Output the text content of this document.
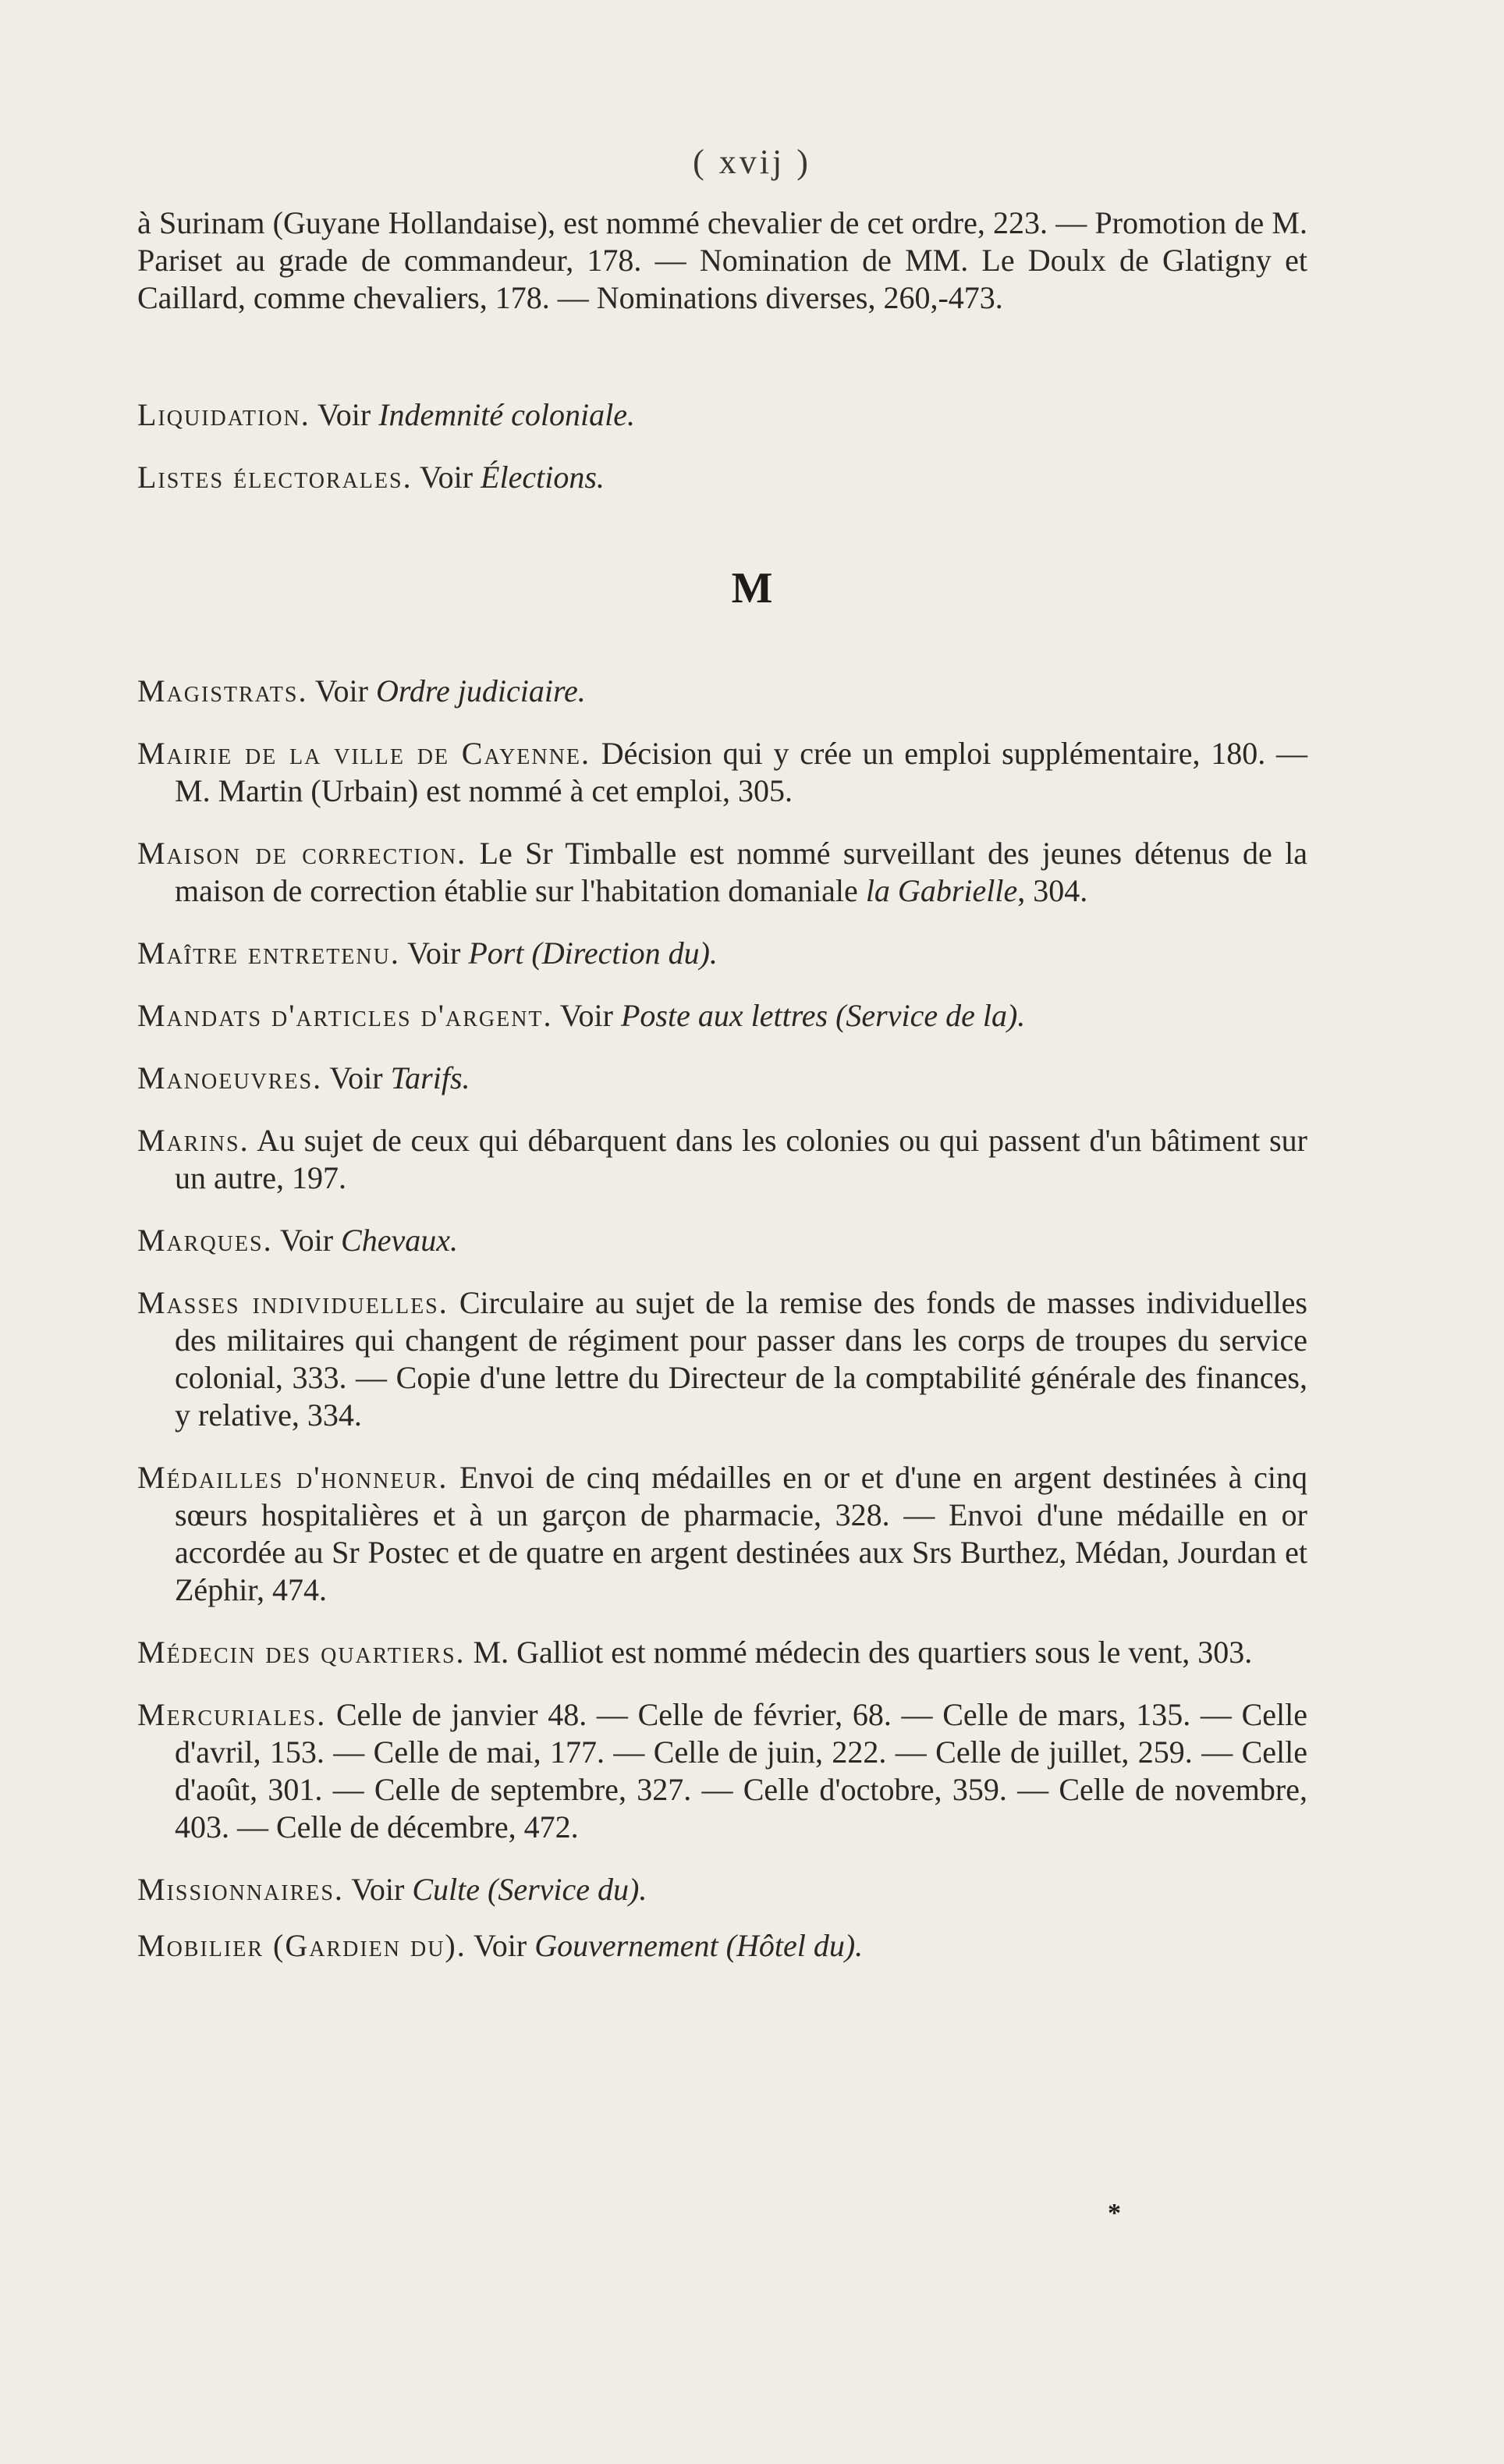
( xvij )

à Surinam (Guyane Hollandaise), est nommé chevalier de cet ordre, 223. — Promotion de M. Pariset au grade de commandeur, 178. — Nomination de MM. Le Doulx de Glatigny et Caillard, comme chevaliers, 178. — Nominations diverses, 260,-473.

Liquidation. Voir Indemnité coloniale.

Listes électorales. Voir Élections.

M

Magistrats. Voir Ordre judiciaire.

Mairie de la ville de Cayenne. Décision qui y crée un emploi supplémentaire, 180. — M. Martin (Urbain) est nommé à cet emploi, 305.

Maison de correction. Le Sr Timballe est nommé surveillant des jeunes détenus de la maison de correction établie sur l'habitation domaniale la Gabrielle, 304.

Maître entretenu. Voir Port (Direction du).

Mandats d'articles d'argent. Voir Poste aux lettres (Service de la).

Manoeuvres. Voir Tarifs.

Marins. Au sujet de ceux qui débarquent dans les colonies ou qui passent d'un bâtiment sur un autre, 197.

Marques. Voir Chevaux.

Masses individuelles. Circulaire au sujet de la remise des fonds de masses individuelles des militaires qui changent de régiment pour passer dans les corps de troupes du service colonial, 333. — Copie d'une lettre du Directeur de la comptabilité générale des finances, y relative, 334.

Médailles d'honneur. Envoi de cinq médailles en or et d'une en argent destinées à cinq sœurs hospitalières et à un garçon de pharmacie, 328. — Envoi d'une médaille en or accordée au Sr Postec et de quatre en argent destinées aux Srs Burthez, Médan, Jourdan et Zéphir, 474.

Médecin des quartiers. M. Galliot est nommé médecin des quartiers sous le vent, 303.

Mercuriales. Celle de janvier 48. — Celle de février, 68. — Celle de mars, 135. — Celle d'avril, 153. — Celle de mai, 177. — Celle de juin, 222. — Celle de juillet, 259. — Celle d'août, 301. — Celle de septembre, 327. — Celle d'octobre, 359. — Celle de novembre, 403. — Celle de décembre, 472.

Missionnaires. Voir Culte (Service du).

Mobilier (Gardien du). Voir Gouvernement (Hôtel du).

*
